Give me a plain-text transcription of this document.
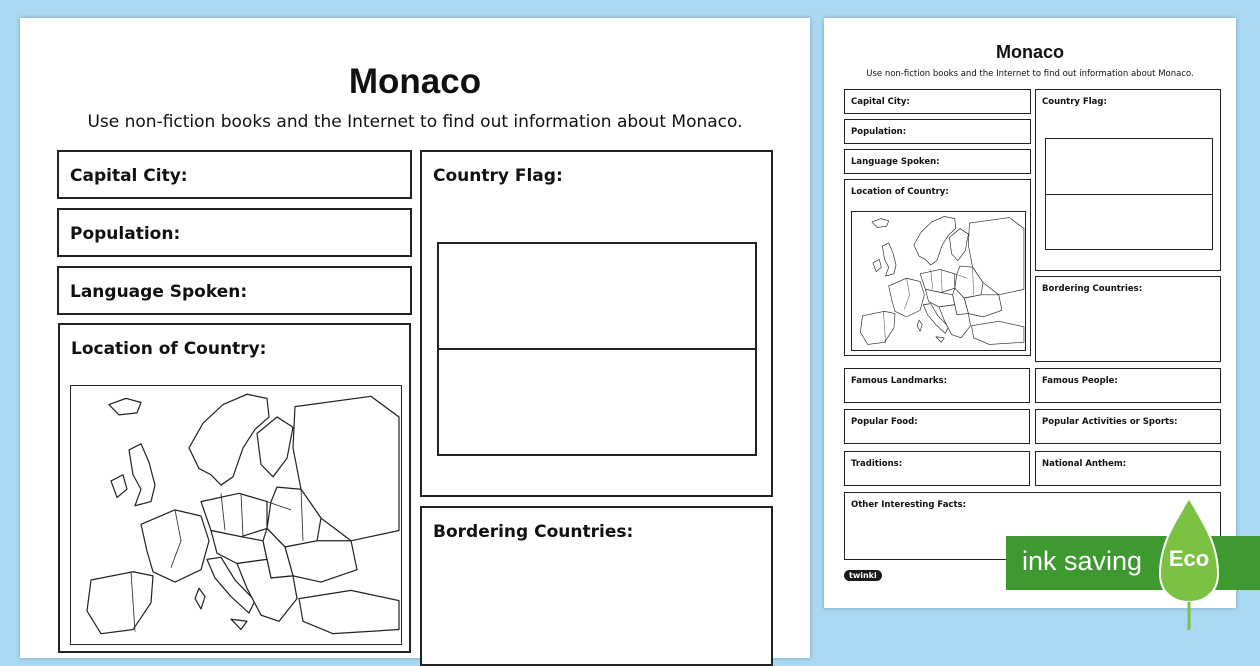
Monaco
Use non-fiction books and the Internet to find out information about Monaco.
Capital City:
Population:
Language Spoken:
Location of Country:
Country Flag:
Bordering Countries:
Monaco
Use non-fiction books and the Internet to find out information about Monaco.
Capital City:
Population:
Language Spoken:
Location of Country:
Country Flag:
Bordering Countries:
Famous Landmarks:	Famous People:
Popular Food:	Popular Activities or Sports:
Traditions:	National Anthem:
Other Interesting Facts:
twinkl	ink saving	Eco
